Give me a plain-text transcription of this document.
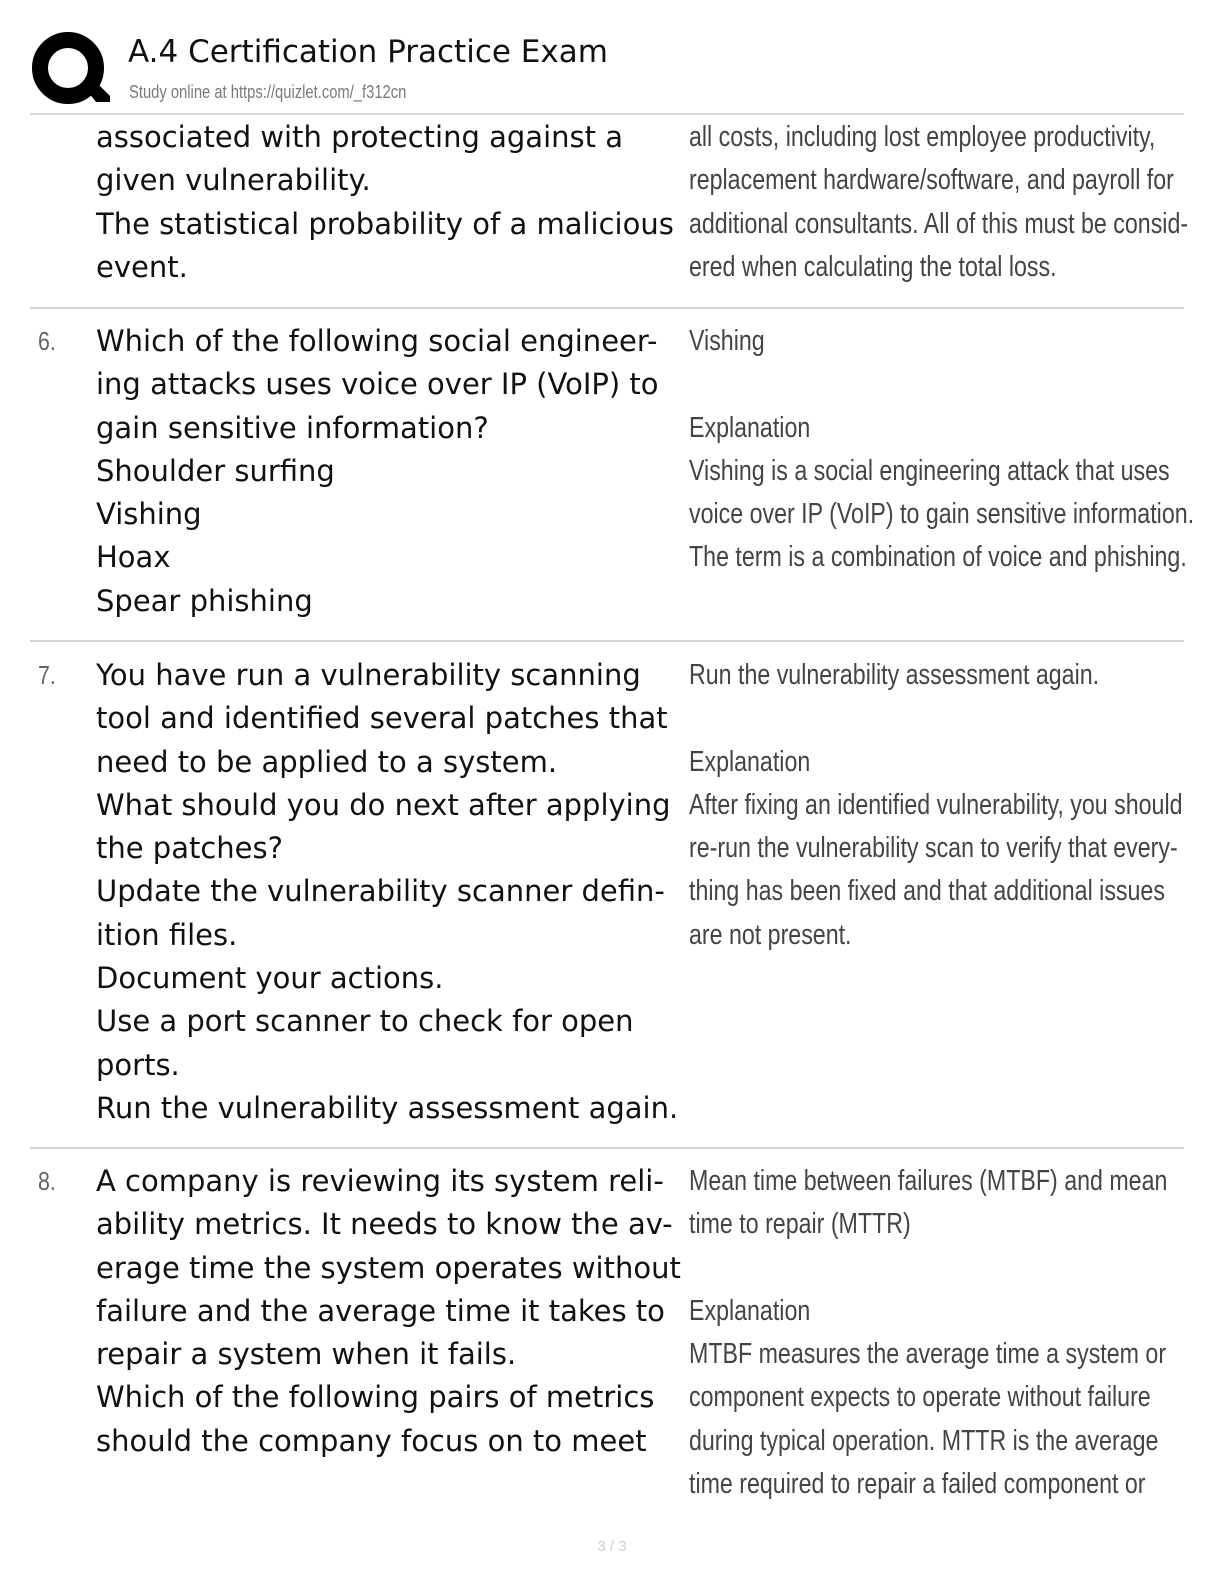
A.4 Certification Practice Exam
Study online at https://quizlet.com/_f312cn
associated with protecting against a
given vulnerability.
The statistical probability of a malicious
event.
all costs, including lost employee productivity,
replacement hardware/software, and payroll for
additional consultants. All of this must be consid-
ered when calculating the total loss.
6. Which of the following social engineer-
ing attacks uses voice over IP (VoIP) to
gain sensitive information?
Shoulder surfing
Vishing
Hoax
Spear phishing
Vishing
Explanation
Vishing is a social engineering attack that uses
voice over IP (VoIP) to gain sensitive information.
The term is a combination of voice and phishing.
7. You have run a vulnerability scanning
tool and identified several patches that
need to be applied to a system.
What should you do next after applying
the patches?
Update the vulnerability scanner defin-
ition files.
Document your actions.
Use a port scanner to check for open
ports.
Run the vulnerability assessment again.
Run the vulnerability assessment again.
Explanation
After fixing an identified vulnerability, you should
re-run the vulnerability scan to verify that every-
thing has been fixed and that additional issues
are not present.
8. A company is reviewing its system reli-
ability metrics. It needs to know the av-
erage time the system operates without
failure and the average time it takes to
repair a system when it fails.
Which of the following pairs of metrics
should the company focus on to meet
Mean time between failures (MTBF) and mean
time to repair (MTTR)
Explanation
MTBF measures the average time a system or
component expects to operate without failure
during typical operation. MTTR is the average
time required to repair a failed component or
3 / 3
